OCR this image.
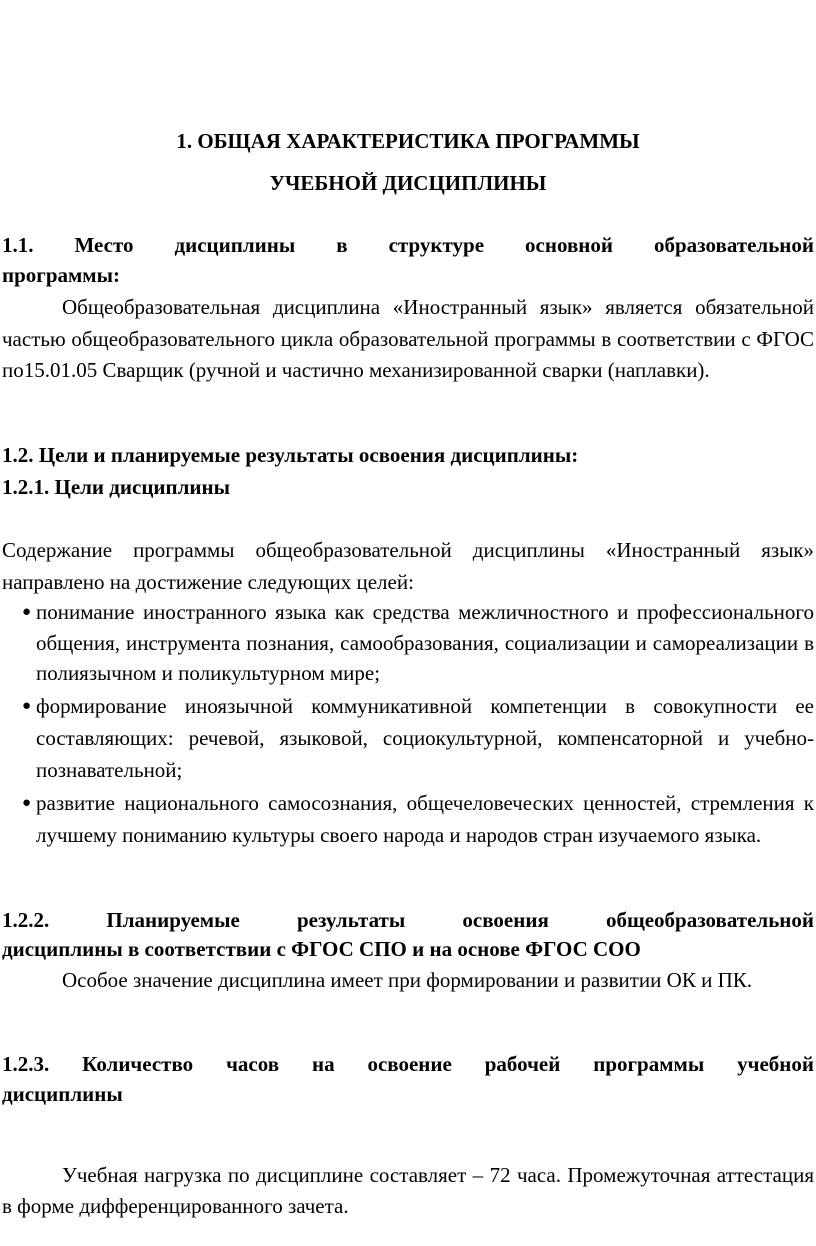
1. ОБЩАЯ ХАРАКТЕРИСТИКА ПРОГРАММЫ
УЧЕБНОЙ ДИСЦИПЛИНЫ
1.1. Место дисциплины в структуре основной образовательной
программы:
Общеобразовательная дисциплина «Иностранный язык» является обязательной частью общеобразовательного цикла образовательной программы в соответствии с ФГОС по15.01.05 Сварщик (ручной и частично механизированной сварки (наплавки).
1.2. Цели и планируемые результаты освоения дисциплины:
1.2.1. Цели дисциплины
Содержание программы общеобразовательной дисциплины «Иностранный язык» направлено на достижение следующих целей:
● понимание иностранного языка как средства межличностного и профессионального общения, инструмента познания, самообразования, социализации и самореализации в полиязычном и поликультурном мире;
● формирование иноязычной коммуникативной компетенции в совокупности ее составляющих: речевой, языковой, социокультурной, компенсаторной и учебно-познавательной;
● развитие национального самосознания, общечеловеческих ценностей, стремления к лучшему пониманию культуры своего народа и народов стран изучаемого языка.
1.2.2. Планируемые результаты освоения общеобразовательной
дисциплины в соответствии с ФГОС СПО и на основе ФГОС СОО
Особое значение дисциплина имеет при формировании и развитии ОК и ПК.
1.2.3. Количество часов на освоение рабочей программы учебной
дисциплины
Учебная нагрузка по дисциплине составляет – 72 часа. Промежуточная аттестация в форме дифференцированного зачета.
